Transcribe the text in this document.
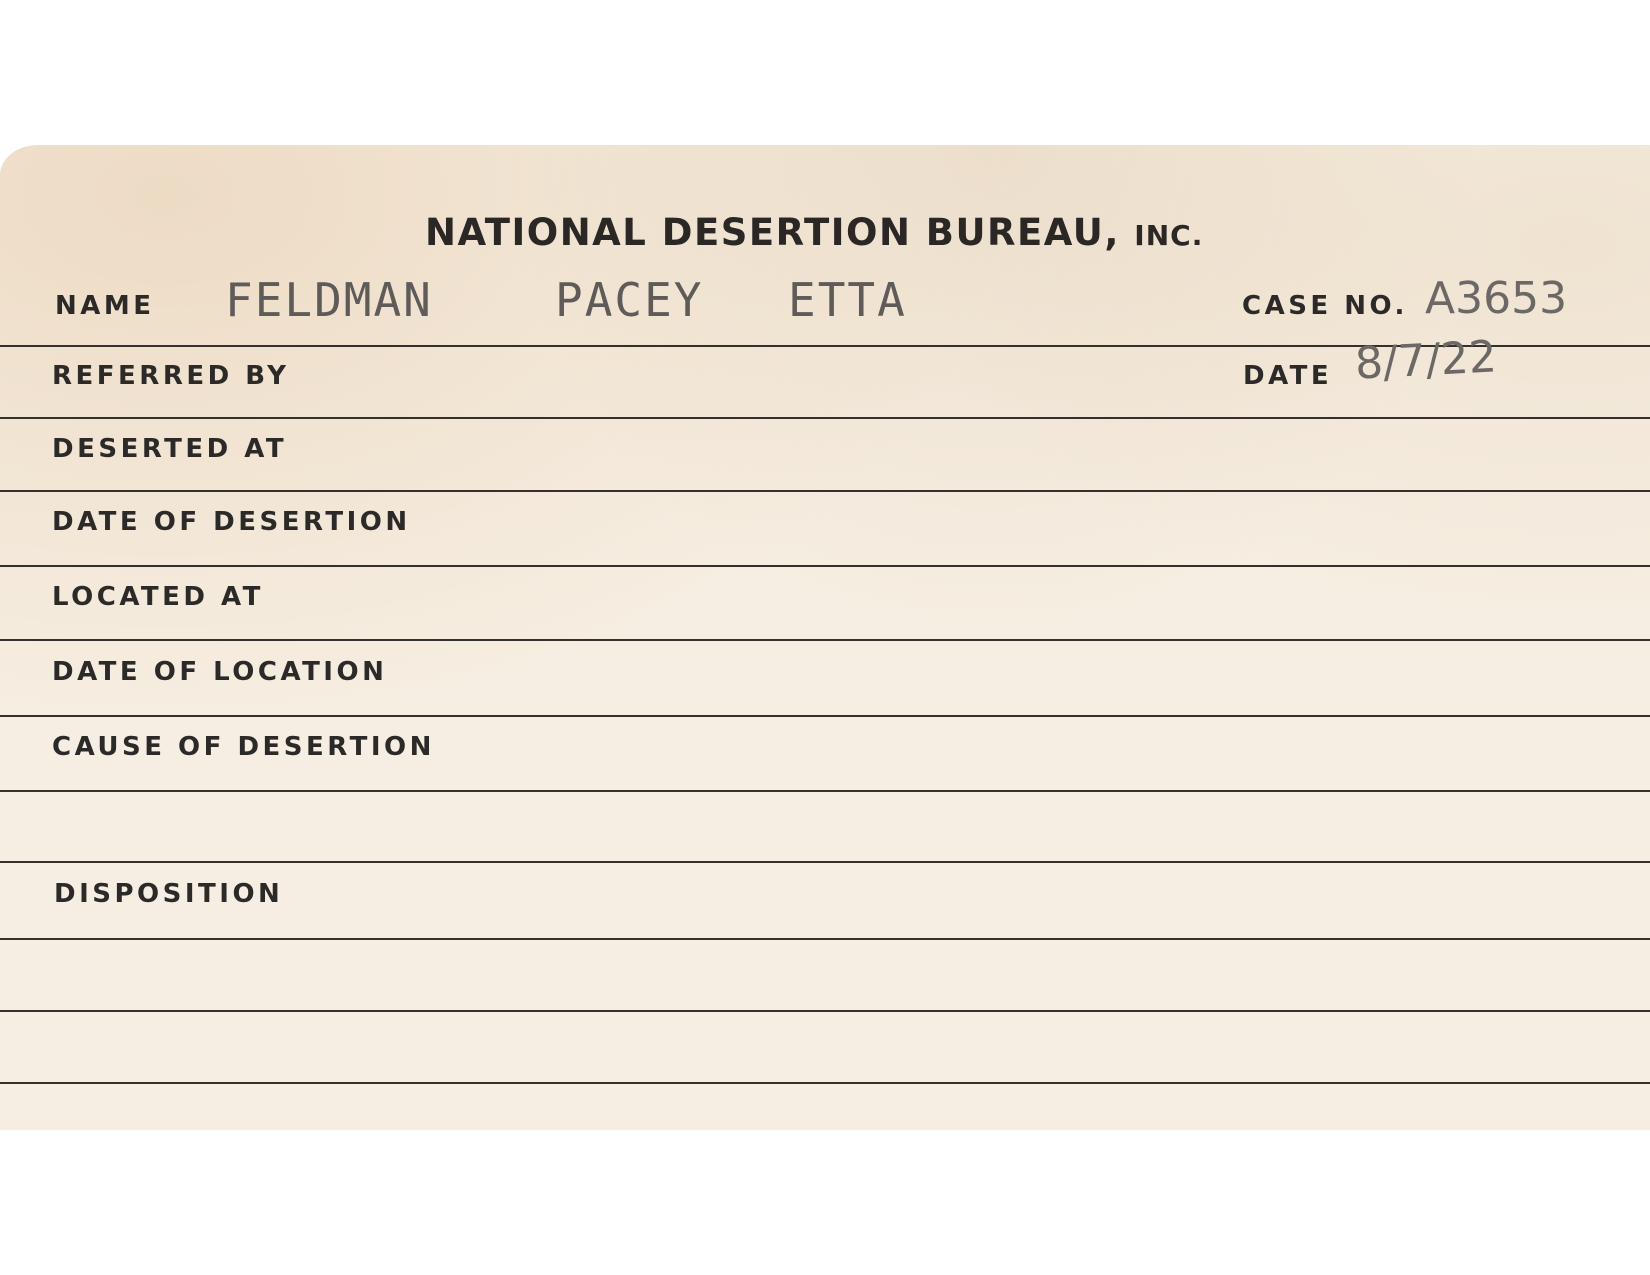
NATIONAL DESERTION BUREAU, INC.
NAME FELDMAN	PACEY ETTA	CASE NO. A3653
REFERRED BY	DATE 8/7/22
DESERTED AT
DATE OF DESERTION
LOCATED AT
DATE OF LOCATION
CAUSE OF DESERTION
DISPOSITION
